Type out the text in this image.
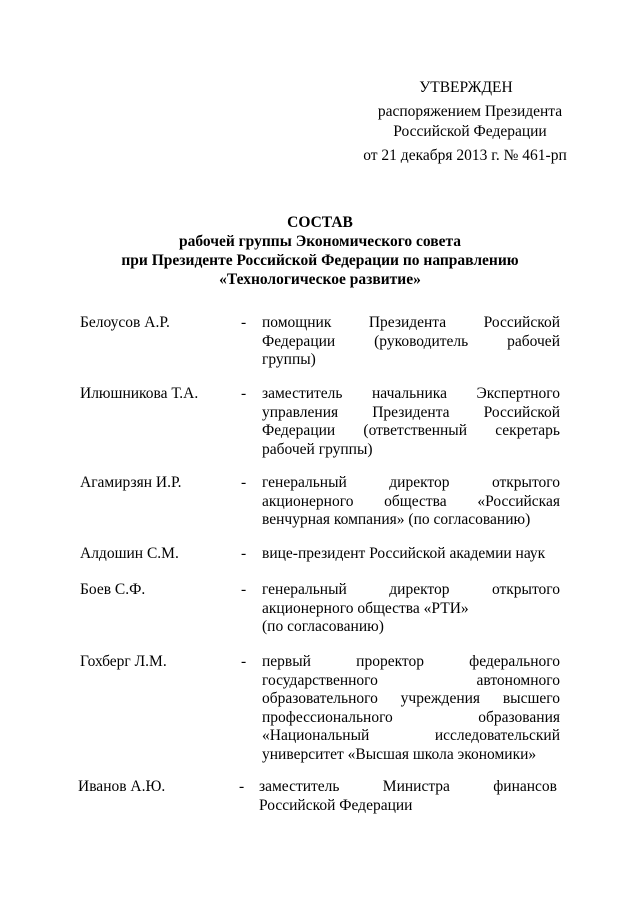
УТВЕРЖДЕН
распоряжением Президента
Российской Федерации
от 21 декабря 2013 г. № 461-рп
СОСТАВ
рабочей группы Экономического совета
при Президенте Российской Федерации по направлению
«Технологическое развитие»
Белоусов А.Р.	- помощник Президента Российской
Федерации (руководитель рабочей
группы)
Илюшникова Т.А.	- заместитель начальника Экспертного
управления Президента Российской
Федерации (ответственный секретарь
рабочей группы)
Агамирзян И.Р.	- генеральный директор открытого
акционерного общества «Российская
венчурная компания» (по согласованию)
Алдошин С.М.	- вице-президент Российской академии наук
Боев С.Ф.	- генеральный директор открытого
акционерного общества «РТИ»
(по согласованию)
Гохберг Л.М.	- первый проректор федерального
государственного автономного
образовательного учреждения высшего
профессионального образования
«Национальный исследовательский
университет «Высшая школа экономики»
Иванов А.Ю.	- заместитель Министра финансов
Российской Федерации
